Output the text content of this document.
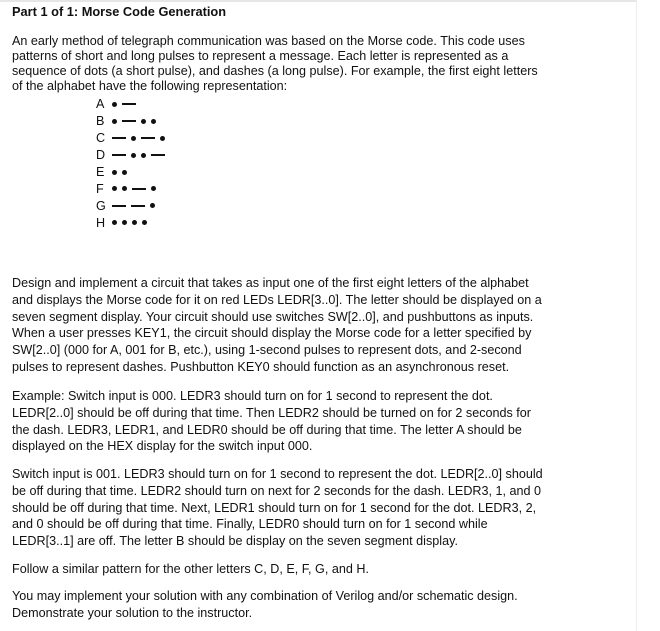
Part 1 of 1: Morse Code Generation
An early method of telegraph communication was based on the Morse code. This code uses
patterns of short and long pulses to represent a message. Each letter is represented as a
sequence of dots (a short pulse), and dashes (a long pulse). For example, the first eight letters
of the alphabet have the following representation:
A
B
C
D
E
F
G
H
Design and implement a circuit that takes as input one of the first eight letters of the alphabet
and displays the Morse code for it on red LEDs LEDR[3..0]. The letter should be displayed on a
seven segment display. Your circuit should use switches SW[2..0], and pushbuttons as inputs.
When a user presses KEY1, the circuit should display the Morse code for a letter specified by
SW[2..0] (000 for A, 001 for B, etc.), using 1-second pulses to represent dots, and 2-second
pulses to represent dashes. Pushbutton KEY0 should function as an asynchronous reset.
Example: Switch input is 000. LEDR3 should turn on for 1 second to represent the dot.
LEDR[2..0] should be off during that time. Then LEDR2 should be turned on for 2 seconds for
the dash. LEDR3, LEDR1, and LEDR0 should be off during that time. The letter A should be
displayed on the HEX display for the switch input 000.
Switch input is 001. LEDR3 should turn on for 1 second to represent the dot. LEDR[2..0] should
be off during that time. LEDR2 should turn on next for 2 seconds for the dash. LEDR3, 1, and 0
should be off during that time. Next, LEDR1 should turn on for 1 second for the dot. LEDR3, 2,
and 0 should be off during that time. Finally, LEDR0 should turn on for 1 second while
LEDR[3..1] are off. The letter B should be display on the seven segment display.
Follow a similar pattern for the other letters C, D, E, F, G, and H.
You may implement your solution with any combination of Verilog and/or schematic design.
Demonstrate your solution to the instructor.
